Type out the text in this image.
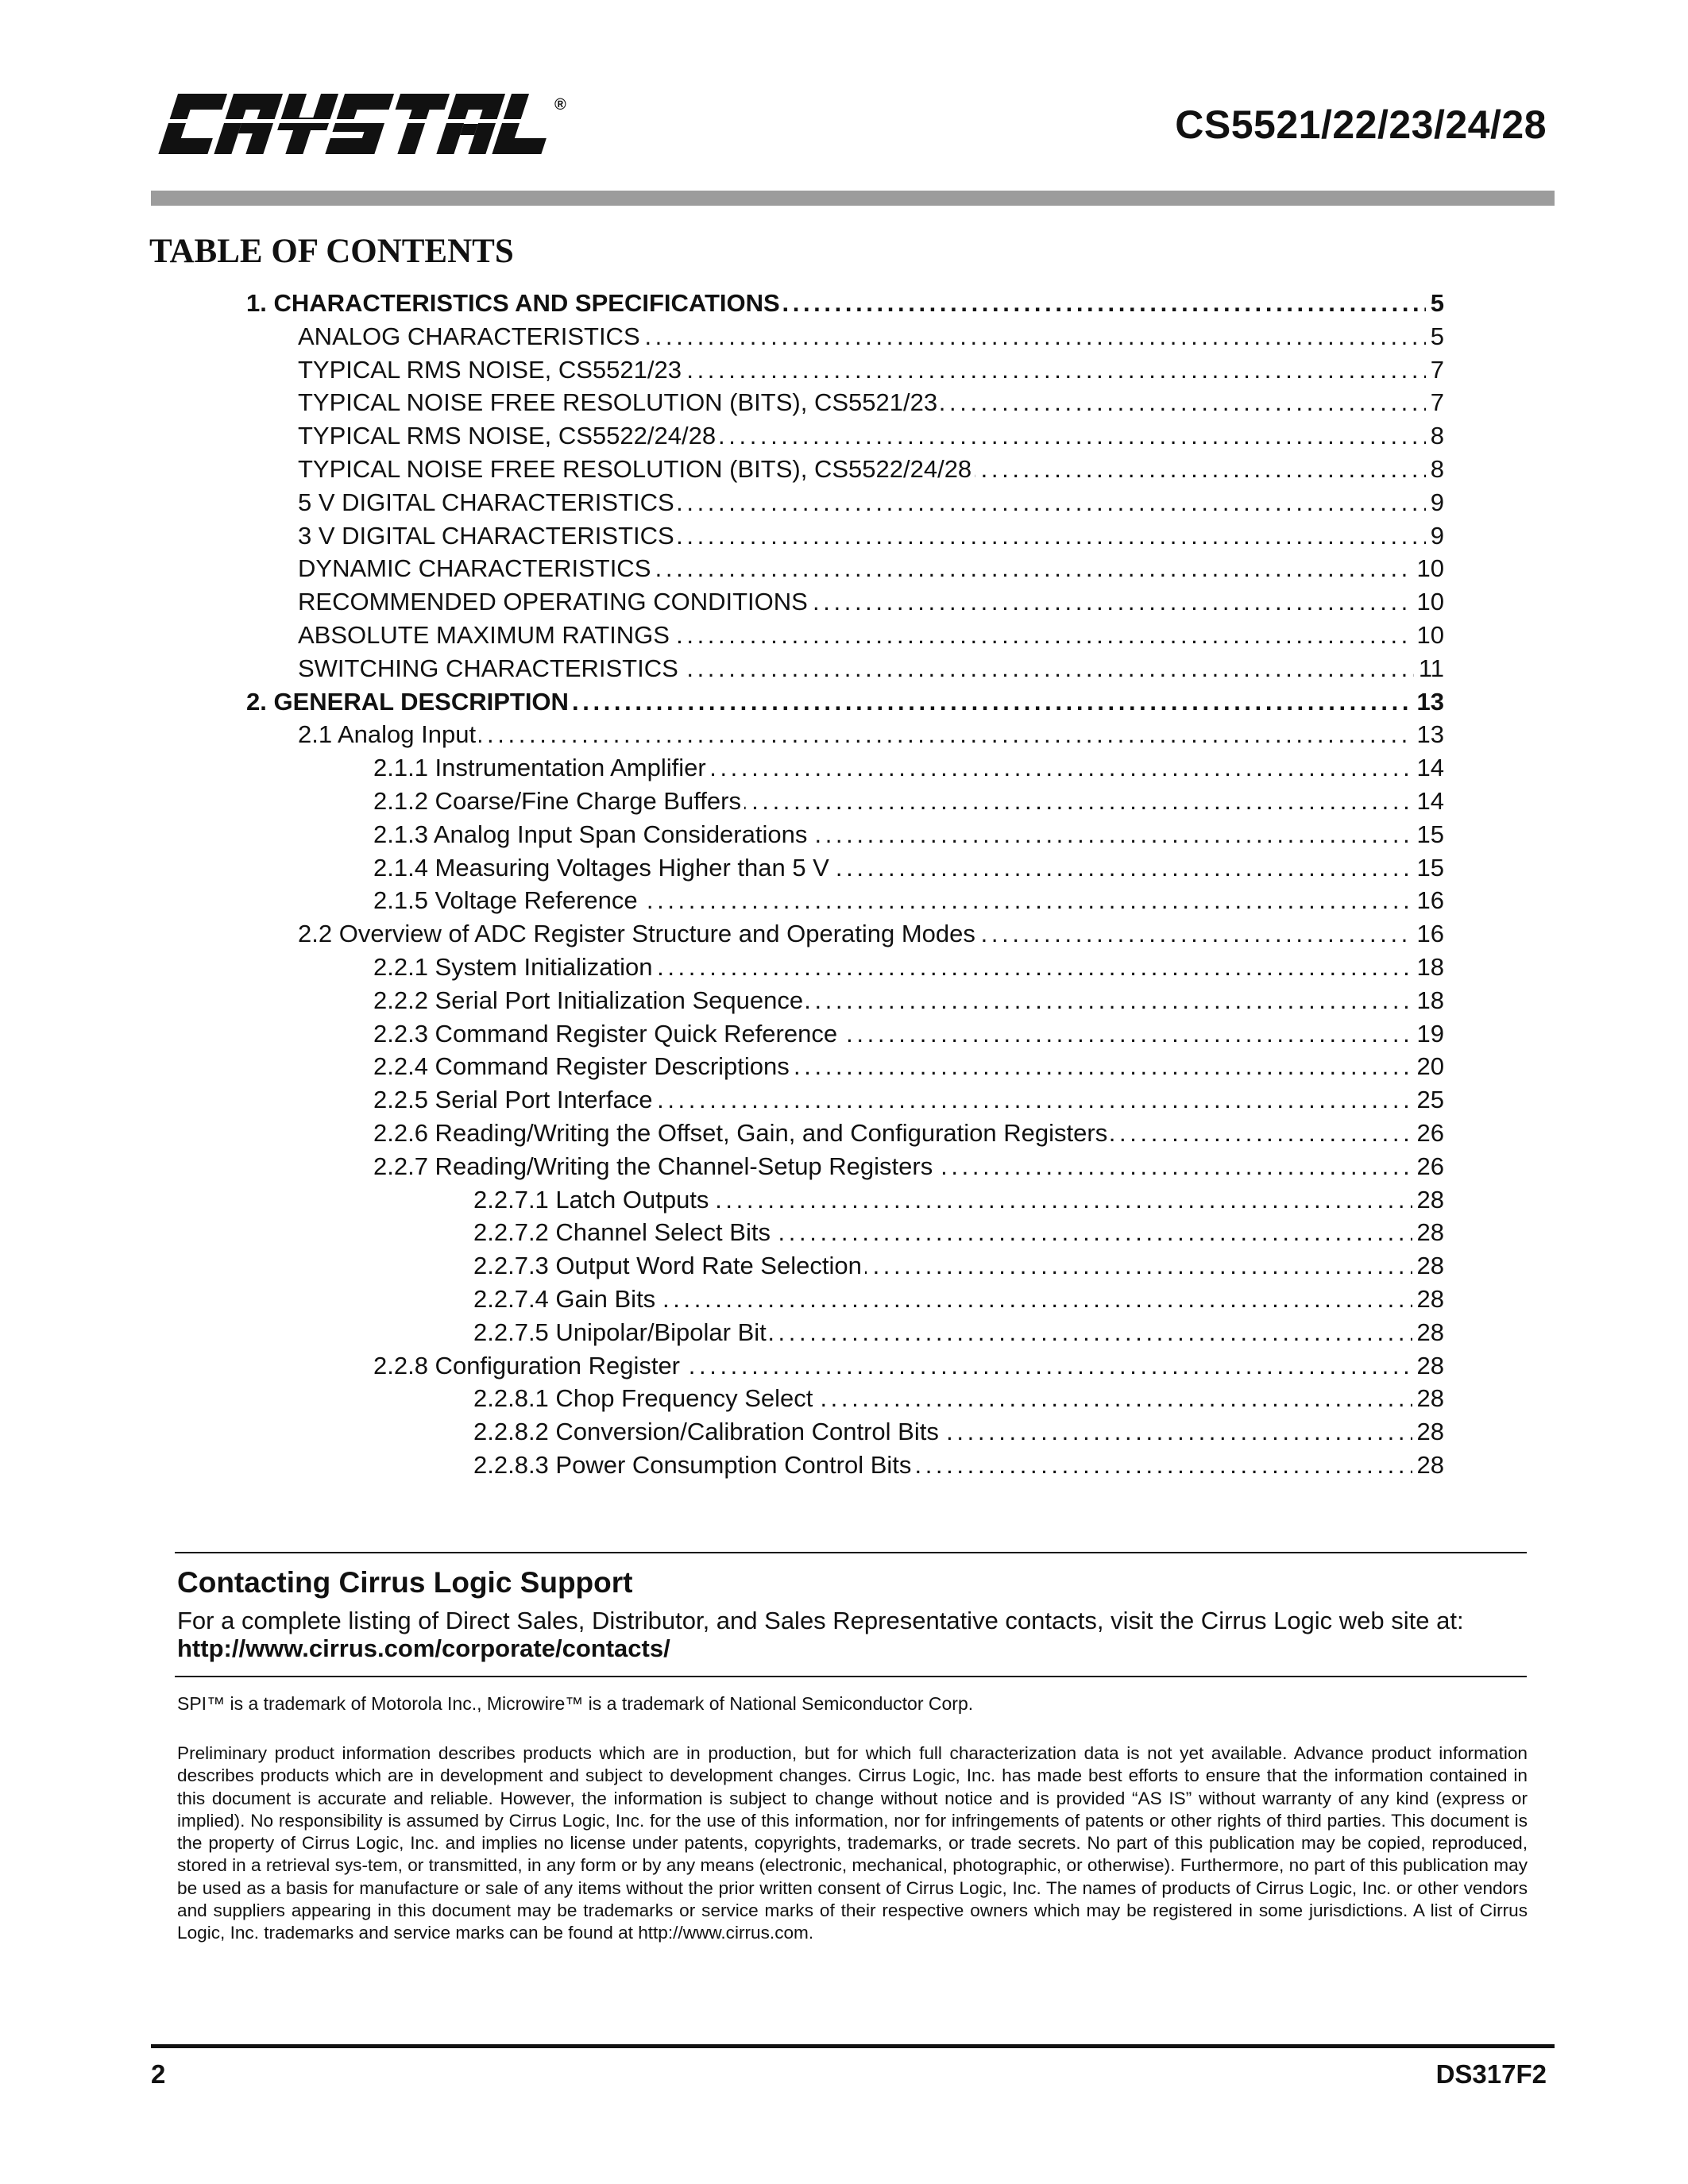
®	CS5521/22/23/24/28
TABLE OF CONTENTS
. . .
1. CHARACTERISTICS AND SPECIFICATIONS	5
. . .
ANALOG CHARACTERISTICS	5
. . .
TYPICAL RMS NOISE, CS5521/23	7
. . .
TYPICAL NOISE FREE RESOLUTION (BITS), CS5521/23	7
. . .
TYPICAL RMS NOISE, CS5522/24/28	8
. . .
TYPICAL NOISE FREE RESOLUTION (BITS), CS5522/24/28	8
. . .
5 V DIGITAL CHARACTERISTICS	9
. . .
3 V DIGITAL CHARACTERISTICS	9
. . .
DYNAMIC CHARACTERISTICS	10
. . .
RECOMMENDED OPERATING CONDITIONS	10
. . .
ABSOLUTE MAXIMUM RATINGS	10
. . .
SWITCHING CHARACTERISTICS	11
. . .
2. GENERAL DESCRIPTION	13
. . .
2.1 Analog Input	13
. . .
2.1.1 Instrumentation Amplifier	14
. . .
2.1.2 Coarse/Fine Charge Buffers	14
. . .
2.1.3 Analog Input Span Considerations	15
. . .
2.1.4 Measuring Voltages Higher than 5 V	15
. . .
2.1.5 Voltage Reference	16
. . .
2.2 Overview of ADC Register Structure and Operating Modes	16
. . .
2.2.1 System Initialization	18
. . .
2.2.2 Serial Port Initialization Sequence	18
. . .
2.2.3 Command Register Quick Reference	19
. . .
2.2.4 Command Register Descriptions	20
. . .
2.2.5 Serial Port Interface	25
. . .
2.2.6 Reading/Writing the Offset, Gain, and Configuration Registers	26
. . .
2.2.7 Reading/Writing the Channel-Setup Registers	26
. . .
2.2.7.1 Latch Outputs	28
. . .
2.2.7.2 Channel Select Bits	28
. . .
2.2.7.3 Output Word Rate Selection	28
. . .
2.2.7.4 Gain Bits	28
. . .
2.2.7.5 Unipolar/Bipolar Bit	28
. . .
2.2.8 Configuration Register	28
. . .
2.2.8.1 Chop Frequency Select	28
. . .
2.2.8.2 Conversion/Calibration Control Bits	28
. . .
2.2.8.3 Power Consumption Control Bits	28
Contacting Cirrus Logic Support
For a complete listing of Direct Sales, Distributor, and Sales Representative contacts, visit the Cirrus Logic web site at:
http://www.cirrus.com/corporate/contacts/
SPI™ is a trademark of Motorola Inc., Microwire™ is a trademark of National Semiconductor Corp.
Preliminary product information describes products which are in production, but for which full characterization data is not yet available. Advance product information describes products which are in development and subject to development changes. Cirrus Logic, Inc. has made best efforts to ensure that the information contained in this document is accurate and reliable. However, the information is subject to change without notice and is provided “AS IS” without warranty of any kind (express or implied). No responsibility is assumed by Cirrus Logic, Inc. for the use of this information, nor for infringements of patents or other rights of third parties. This document is the property of Cirrus Logic, Inc. and implies no license under patents, copyrights, trademarks, or trade secrets. No part of this publication may be copied, reproduced, stored in a retrieval sys-tem, or transmitted, in any form or by any means (electronic, mechanical, photographic, or otherwise). Furthermore, no part of this publication may be used as a basis for manufacture or sale of any items without the prior written consent of Cirrus Logic, Inc. The names of products of Cirrus Logic, Inc. or other vendors and suppliers appearing in this document may be trademarks or service marks of their respective owners which may be registered in some jurisdictions. A list of Cirrus Logic, Inc. trademarks and service marks can be found at http://www.cirrus.com.
2	DS317F2
